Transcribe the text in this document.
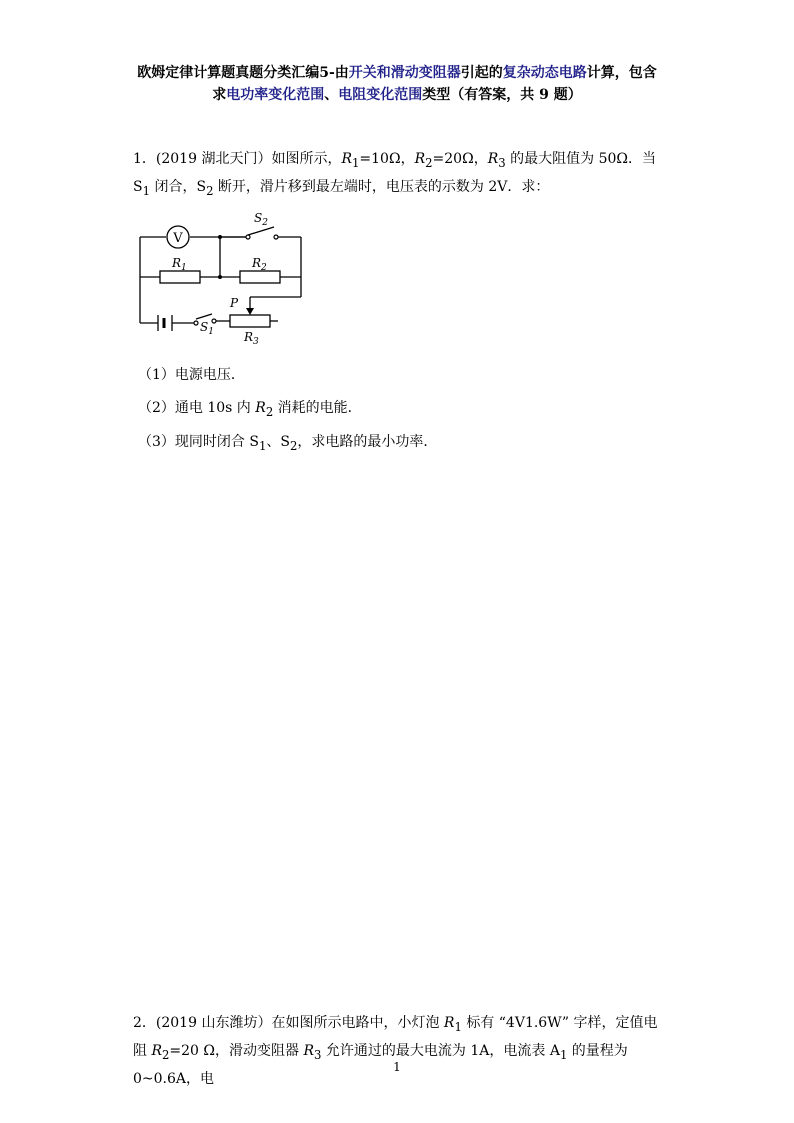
欧姆定律计算题真题分类汇编5-由开关和滑动变阻器引起的复杂动态电路计算，包含
求电功率变化范围、电阻变化范围类型（有答案，共 9 题）
1．(2019 湖北天门）如图所示，$R_1=10\Omega$，$R_2=20\Omega$，$R_3$ 的最大阻值为 50Ω．当 $S_1$ 闭合，$S_2$ 断开，滑片移到最左端时，电压表的示数为 2V．求：
V
$S_2$
$R_1$	$R_2$
$S_1$
P
$R_3$
（1）电源电压．
（2）通电 10s 内 $R_2$ 消耗的电能．
（3）现同时闭合 $S_1$、$S_2$，求电路的最小功率．
2．(2019 山东潍坊）在如图所示电路中，小灯泡 $R_1$ 标有 “4V1.6W” 字样，定值电阻 $R_2=20$ Ω，滑动变阻器 $R_3$ 允许通过的最大电流为 1A，电流表 $A_1$ 的量程为 0~0.6A，电
1
